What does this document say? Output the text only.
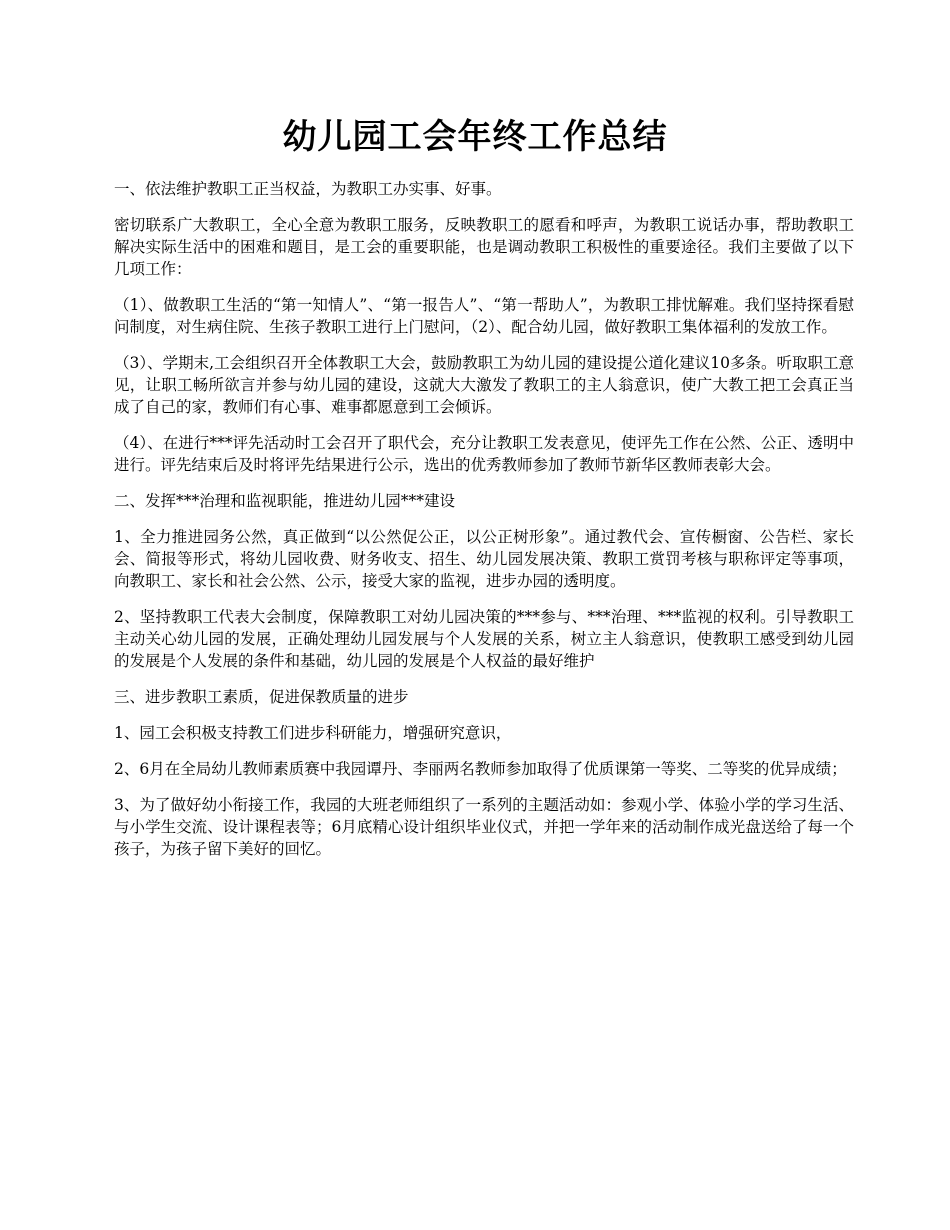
幼儿园工会年终工作总结

一、依法维护教职工正当权益，为教职工办实事、好事。

密切联系广大教职工，全心全意为教职工服务，反映教职工的愿看和呼声，为教职工说话办事，帮助教职工解决实际生活中的困难和题目，是工会的重要职能，也是调动教职工积极性的重要途径。我们主要做了以下几项工作：

（1）、做教职工生活的“第一知情人”、“第一报告人”、“第一帮助人”，为教职工排忧解难。我们坚持探看慰问制度，对生病住院、生孩子教职工进行上门慰问，（2）、配合幼儿园，做好教职工集体福利的发放工作。

（3）、学期末,工会组织召开全体教职工大会，鼓励教职工为幼儿园的建设提公道化建议10多条。听取职工意见，让职工畅所欲言并参与幼儿园的建设，这就大大激发了教职工的主人翁意识，使广大教工把工会真正当成了自己的家，教师们有心事、难事都愿意到工会倾诉。

（4）、在进行***评先活动时工会召开了职代会，充分让教职工发表意见，使评先工作在公然、公正、透明中进行。评先结束后及时将评先结果进行公示，选出的优秀教师参加了教师节新华区教师表彰大会。

二、发挥***治理和监视职能，推进幼儿园***建设

1、全力推进园务公然，真正做到“以公然促公正，以公正树形象”。通过教代会、宣传橱窗、公告栏、家长会、简报等形式，将幼儿园收费、财务收支、招生、幼儿园发展决策、教职工赏罚考核与职称评定等事项，向教职工、家长和社会公然、公示，接受大家的监视，进步办园的透明度。

2、坚持教职工代表大会制度，保障教职工对幼儿园决策的***参与、***治理、***监视的权利。引导教职工主动关心幼儿园的发展，正确处理幼儿园发展与个人发展的关系，树立主人翁意识，使教职工感受到幼儿园的发展是个人发展的条件和基础，幼儿园的发展是个人权益的最好维护

三、进步教职工素质，促进保教质量的进步

1、园工会积极支持教工们进步科研能力，增强研究意识，

2、6月在全局幼儿教师素质赛中我园谭丹、李丽两名教师参加取得了优质课第一等奖、二等奖的优异成绩；

3、为了做好幼小衔接工作，我园的大班老师组织了一系列的主题活动如：参观小学、体验小学的学习生活、与小学生交流、设计课程表等；6月底精心设计组织毕业仪式，并把一学年来的活动制作成光盘送给了每一个孩子，为孩子留下美好的回忆。
